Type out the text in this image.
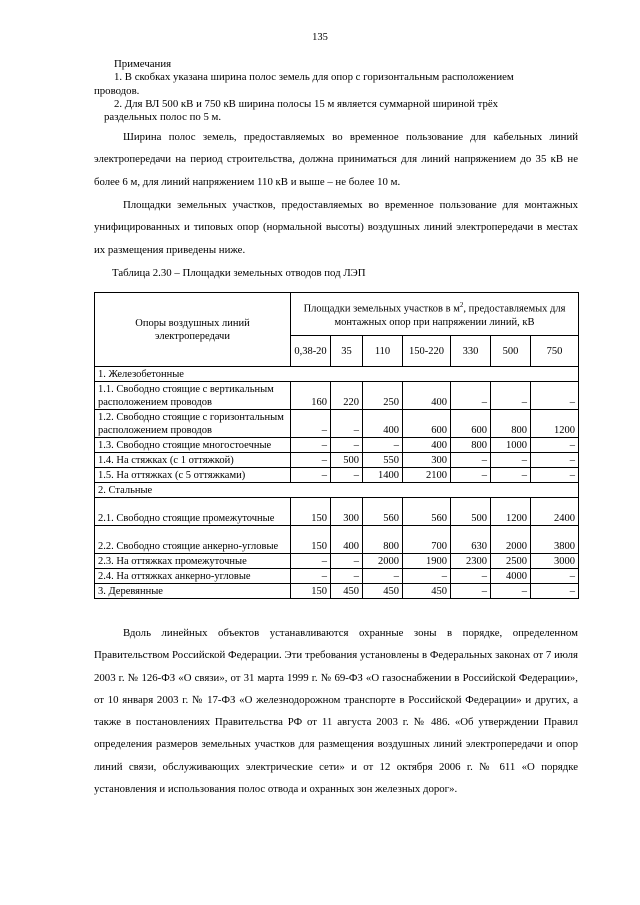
135
Примечания
1. В скобках указана ширина полос земель для опор с горизонтальным расположением
проводов.
2. Для ВЛ 500 кВ и 750 кВ ширина полосы 15 м является суммарной шириной трёх
раздельных полос по 5 м.
Ширина полос земель, предоставляемых во временное пользование для кабельных линий электропередачи на период строительства, должна приниматься для линий напряжением до 35 кВ не более 6 м, для линий напряжением 110 кВ и выше – не более 10 м.
Площадки земельных участков, предоставляемых во временное пользование для монтажных унифицированных и типовых опор (нормальной высоты) воздушных линий электропередачи в местах их размещения приведены ниже.
Таблица 2.30 – Площадки земельных отводов под ЛЭП
Опоры воздушных линий электропередачи	Площадки земельных участков в $м^2$, предоставляемых для монтажных опор при напряжении линий, кВ						
	0,38-20	35	110	150-220	330	500	750
1. Железобетонные							
1.1. Свободно стоящие с вертикальным расположением проводов	160	220	250	400	–	–	–
1.2. Свободно стоящие с горизонтальным расположением проводов	–	–	400	600	600	800	1200
1.3. Свободно стоящие многостоечные	–	–	–	400	800	1000	–
1.4. На стяжках (с 1 оттяжкой)	–	500	550	300	–	–	–
1.5. На оттяжках (с 5 оттяжками)	–	–	1400	2100	–	–	–
2. Стальные							
2.1. Свободно стоящие промежуточные	150	300	560	560	500	1200	2400
2.2. Свободно стоящие анкерно-угловые	150	400	800	700	630	2000	3800
2.3. На оттяжках промежуточные	–	–	2000	1900	2300	2500	3000
2.4. На оттяжках анкерно-угловые	–	–	–	–	–	4000	–
3. Деревянные	150	450	450	450	–	–	–
Вдоль линейных объектов устанавливаются охранные зоны в порядке, определенном Правительством Российской Федерации. Эти требования установлены в Федеральных законах от 7 июля 2003 г. № 126-ФЗ «О связи», от 31 марта 1999 г. № 69-ФЗ «О газоснабжении в Российской Федерации», от 10 января 2003 г. № 17-ФЗ «О железнодорожном транспорте в Российской Федерации» и других, а также в постановлениях Правительства РФ от 11 августа 2003 г. № 486. «Об утверждении Правил определения размеров земельных участков для размещения воздушных линий электропередачи и опор линий связи, обслуживающих электрические сети» и от 12 октября 2006 г. № 611 «О порядке установления и использования полос отвода и охранных зон железных дорог».
